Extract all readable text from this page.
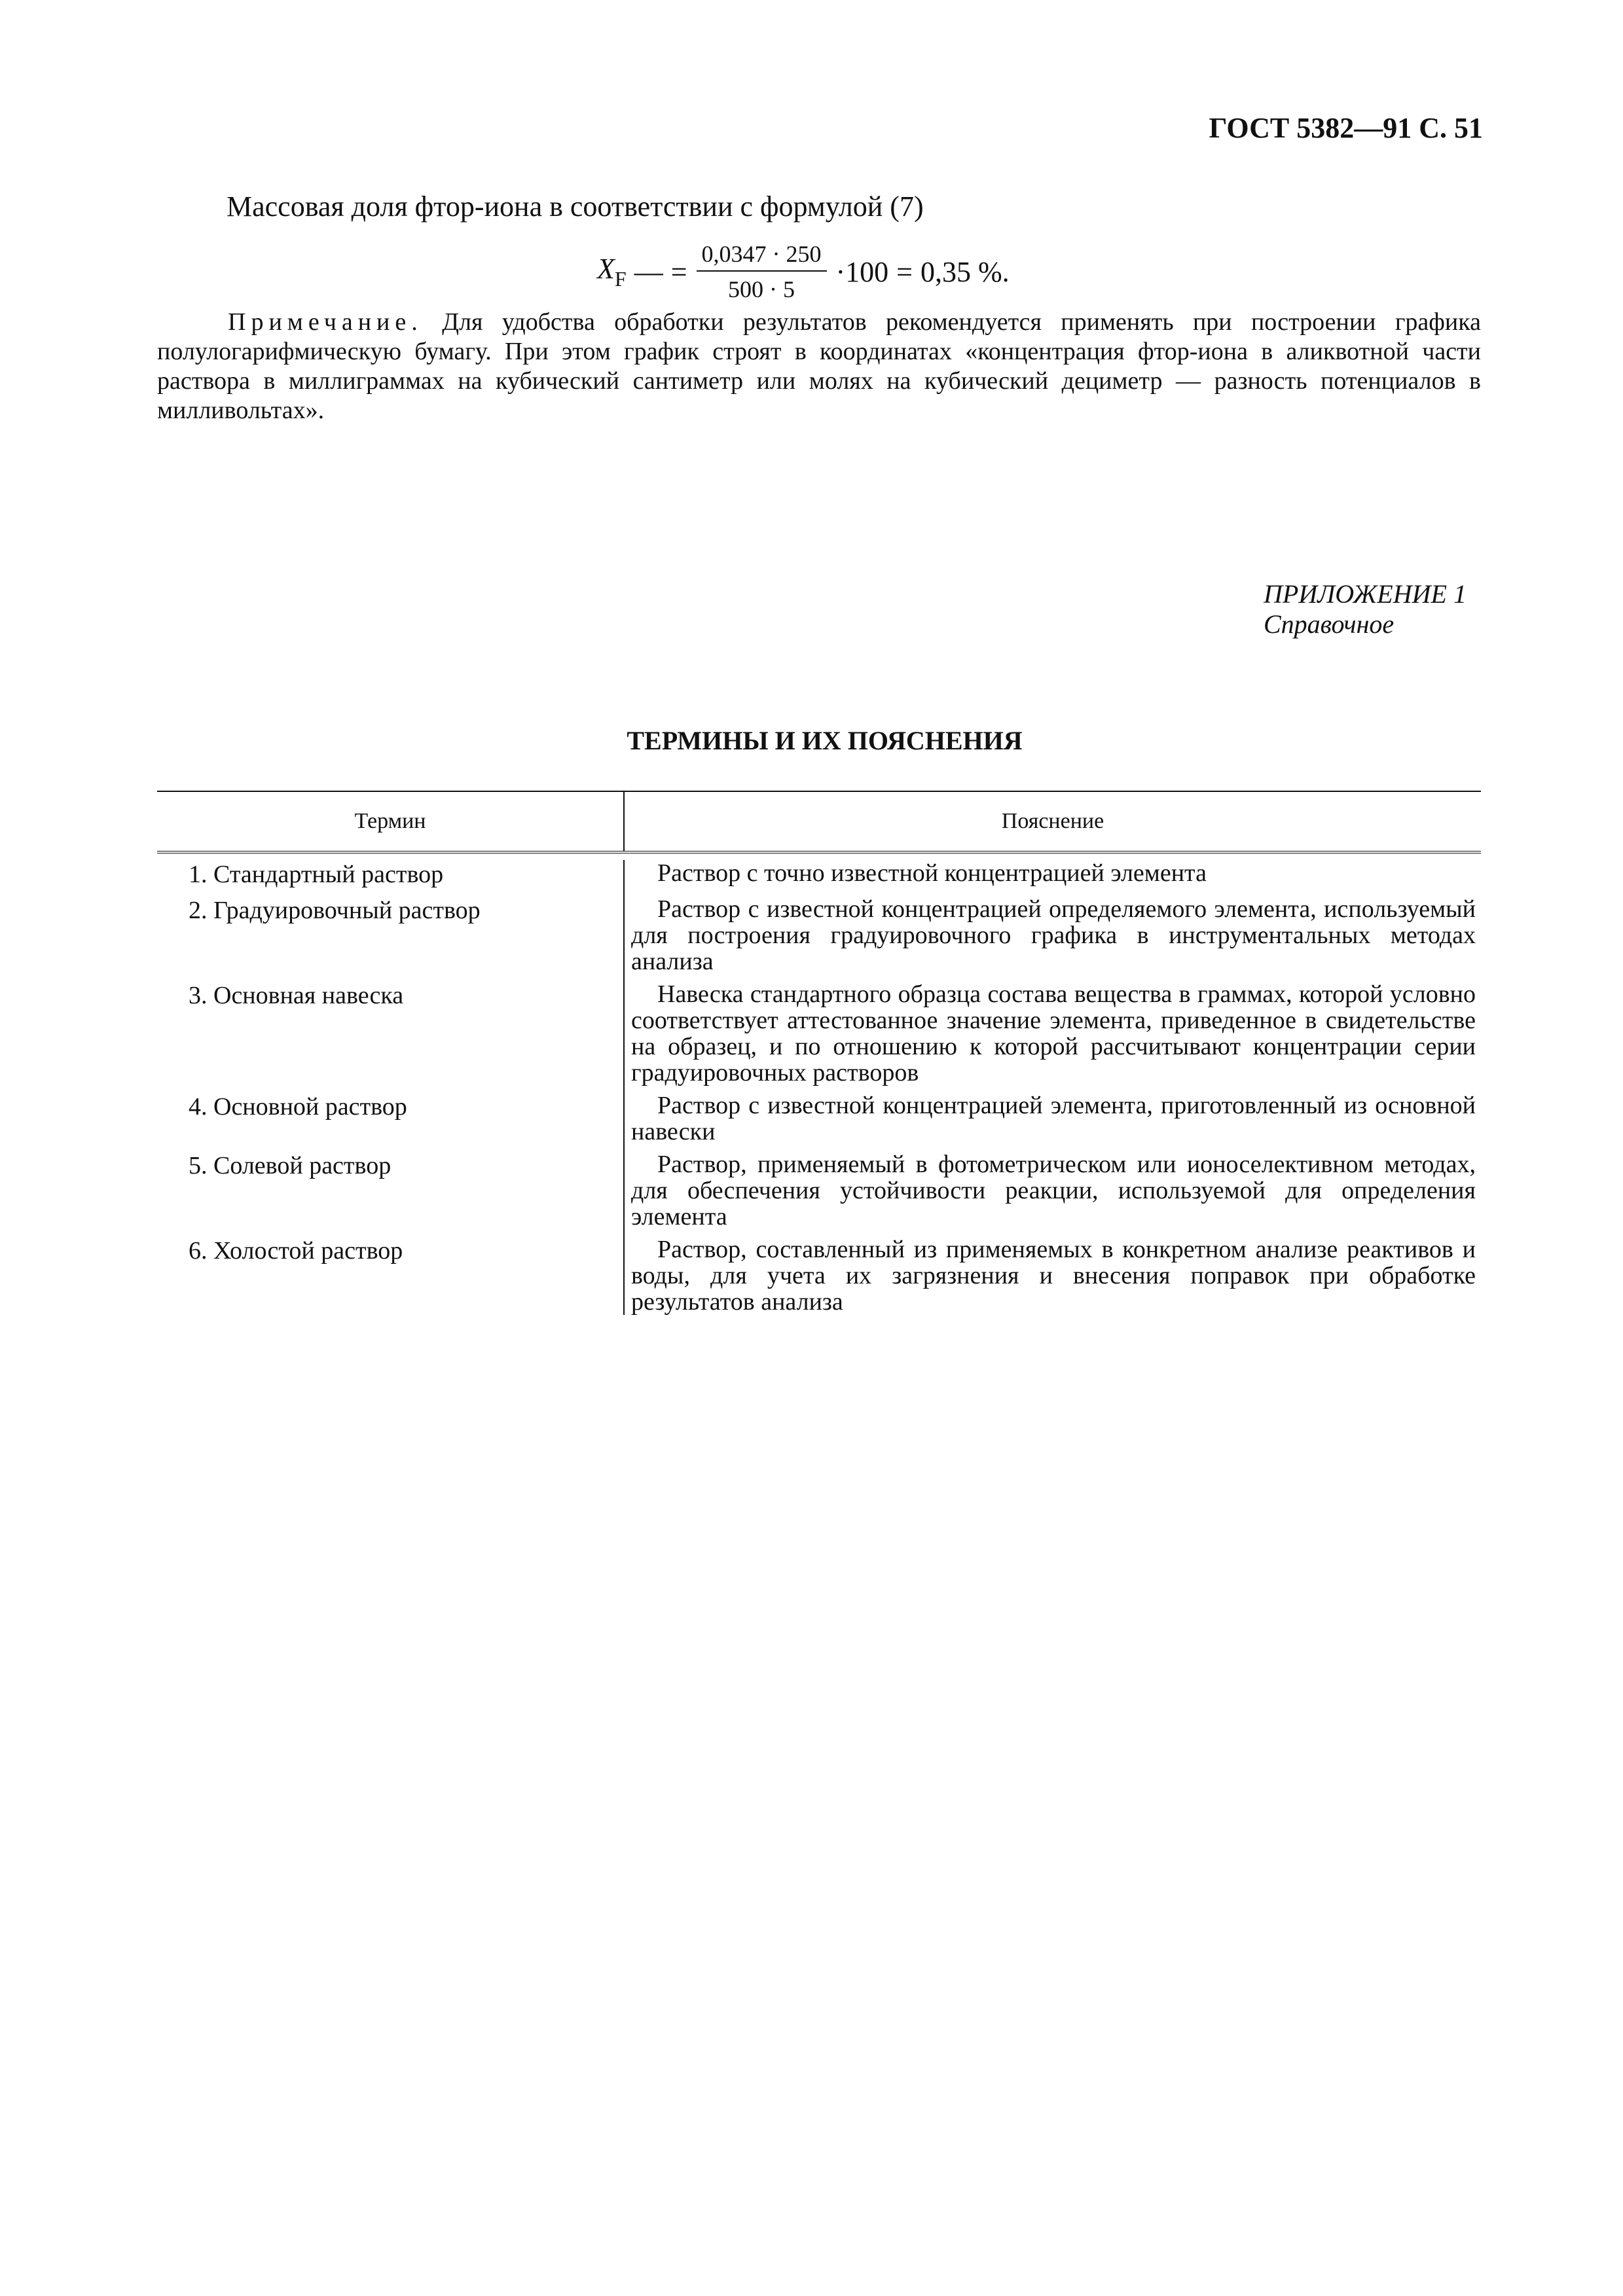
ГОСТ 5382—91 С. 51
Массовая доля фтор-иона в соответствии с формулой (7)
$X_F$ — = $\frac{0,0347 \cdot 250}{500 \cdot 5} \cdot 100 = 0,35$ %.
Примечание. Для удобства обработки результатов рекомендуется применять при построении графика полулогарифмическую бумагу. При этом график строят в координатах «концентрация фтор-иона в аликвотной части раствора в миллиграммах на кубический сантиметр или молях на кубический дециметр — разность потенциалов в милливольтах».
ПРИЛОЖЕНИЕ 1
Справочное
ТЕРМИНЫ И ИХ ПОЯСНЕНИЯ
Термин	Пояснение
1. Стандартный раствор	Раствор с точно известной концентрацией элемента
2. Градуировочный раствор	Раствор с известной концентрацией определяемого элемента, используемый для построения градуировочного графика в инструментальных методах анализа
3. Основная навеска	Навеска стандартного образца состава вещества в граммах, которой условно соответствует аттестованное значение элемента, приведенное в свидетельстве на образец, и по отношению к которой рассчитывают концентрации серии градуировочных растворов
4. Основной раствор	Раствор с известной концентрацией элемента, приготовленный из основной навески
5. Солевой раствор	Раствор, применяемый в фотометрическом или ионоселективном методах, для обеспечения устойчивости реакции, используемой для определения элемента
6. Холостой раствор	Раствор, составленный из применяемых в конкретном анализе реактивов и воды, для учета их загрязнения и внесения поправок при обработке результатов анализа
